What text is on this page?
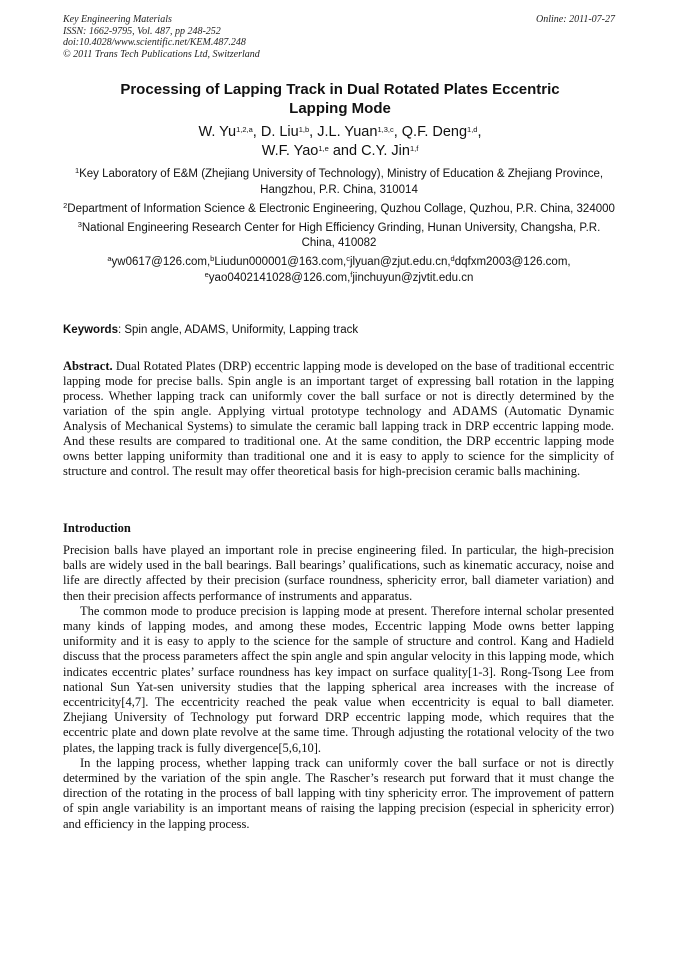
Key Engineering Materials
ISSN: 1662-9795, Vol. 487, pp 248-252
doi:10.4028/www.scientific.net/KEM.487.248
© 2011 Trans Tech Publications Ltd, Switzerland
Online: 2011-07-27
Processing of Lapping Track in Dual Rotated Plates Eccentric Lapping Mode
W. Yu$^{1,2,a}$, D. Liu$^{1,b}$, J.L. Yuan$^{1,3,c}$, Q.F. Deng$^{1,d}$,
W.F. Yao$^{1,e}$ and C.Y. Jin$^{1,f}$
$^1$Key Laboratory of E&M (Zhejiang University of Technology), Ministry of Education & Zhejiang Province, Hangzhou, P.R. China, 310014
$^2$Department of Information Science & Electronic Engineering, Quzhou Collage, Quzhou, P.R. China, 324000
$^3$National Engineering Research Center for High Efficiency Grinding, Hunan University, Changsha, P.R. China, 410082
$^a$yw0617@126.com,$^b$Liudun000001@163.com,$^c$jlyuan@zjut.edu.cn,$^d$dqfxm2003@126.com,
$^e$yao0402141028@126.com,$^f$jinchuyun@zjvtit.edu.cn
Keywords: Spin angle, ADAMS, Uniformity, Lapping track
Abstract. Dual Rotated Plates (DRP) eccentric lapping mode is developed on the base of traditional eccentric lapping mode for precise balls. Spin angle is an important target of expressing ball rotation in the lapping process. Whether lapping track can uniformly cover the ball surface or not is directly determined by the variation of the spin angle. Applying virtual prototype technology and ADAMS (Automatic Dynamic Analysis of Mechanical Systems) to simulate the ceramic ball lapping track in DRP eccentric lapping mode. And these results are compared to traditional one. At the same condition, the DRP eccentric lapping mode owns better lapping uniformity than traditional one and it is easy to apply to science for the simplicity of structure and control. The result may offer theoretical basis for high-precision ceramic balls machining.
Introduction

Precision balls have played an important role in precise engineering filed. In particular, the high-precision balls are widely used in the ball bearings. Ball bearings’ qualifications, such as kinematic accuracy, noise and life are directly affected by their precision (surface roundness, sphericity error, ball diameter variation) and then their precision affects performance of instruments and apparatus.

The common mode to produce precision is lapping mode at present. Therefore internal scholar presented many kinds of lapping modes, and among these modes, Eccentric lapping Mode owns better lapping uniformity and it is easy to apply to the science for the sample of structure and control. Kang and Hadield discuss that the process parameters affect the spin angle and spin angular velocity in this lapping mode, which indicates eccentric plates’ surface roundness has key impact on surface quality[1-3]. Rong-Tsong Lee from national Sun Yat-sen university studies that the lapping spherical area increases with the increase of eccentricity[4,7]. The eccentricity reached the peak value when eccentricity is equal to ball diameter. Zhejiang University of Technology put forward DRP eccentric lapping mode, which requires that the eccentric plate and down plate revolve at the same time. Through adjusting the rotational velocity of the two plates, the lapping track is fully divergence[5,6,10].

In the lapping process, whether lapping track can uniformly cover the ball surface or not is directly determined by the variation of the spin angle. The Rascher’s research put forward that it must change the direction of the rotating in the process of ball lapping with tiny sphericity error. The improvement of pattern of spin angle variability is an important means of raising the lapping precision (especial in sphericity error) and efficiency in the lapping process.
